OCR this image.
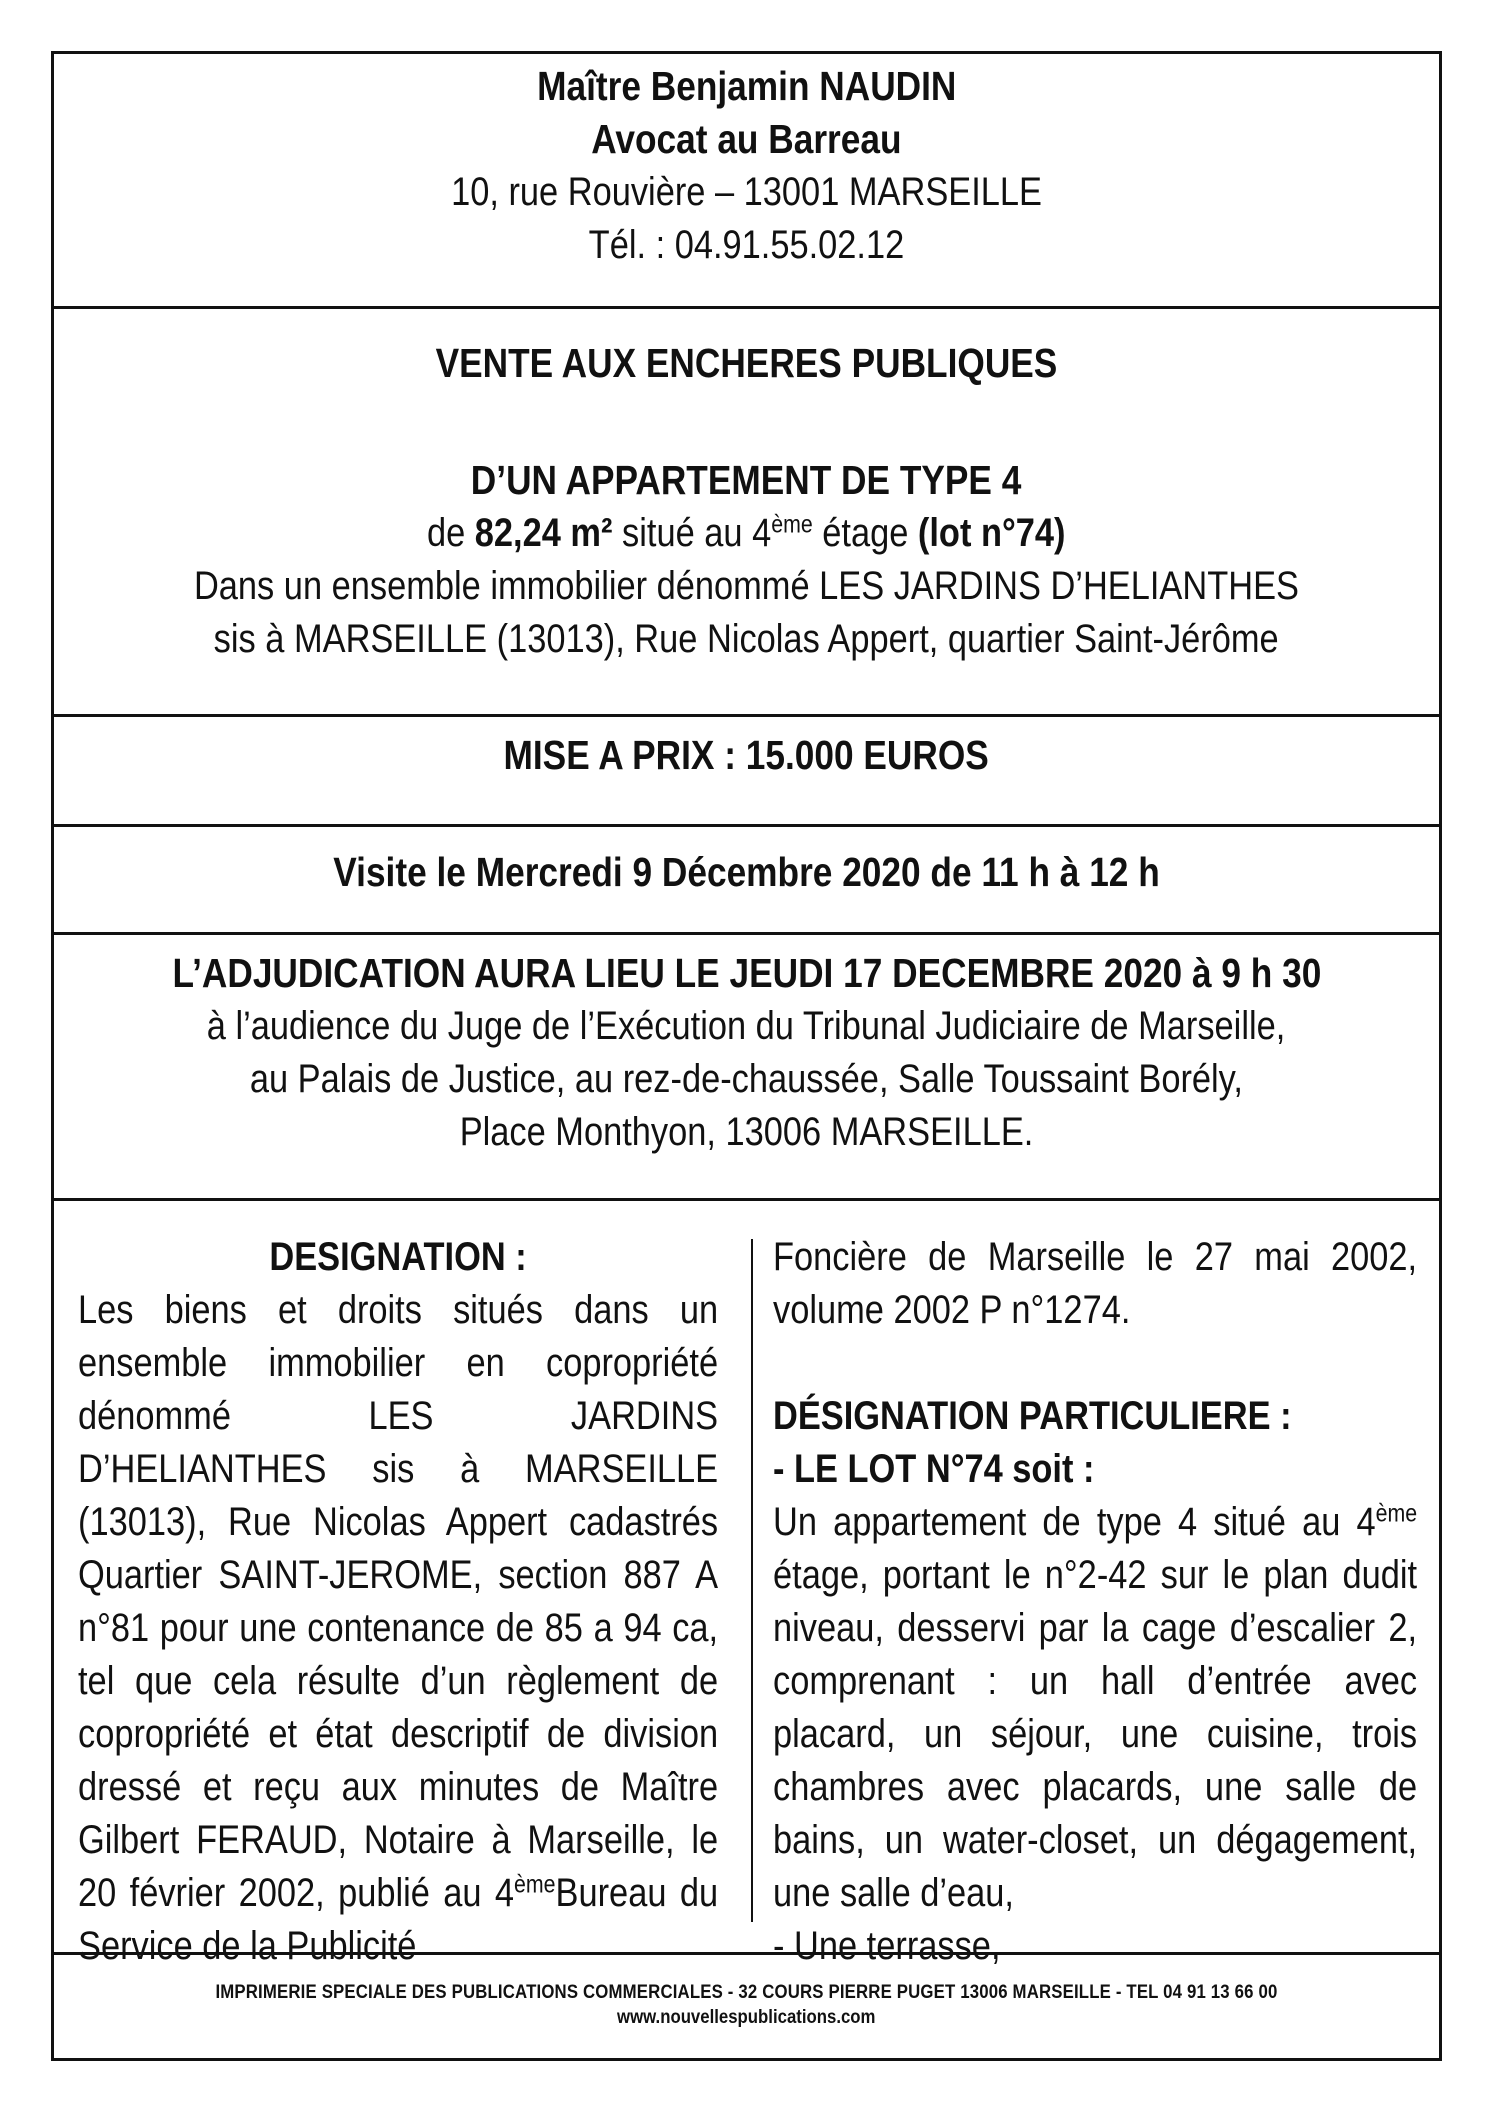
Maître Benjamin NAUDIN
Avocat au Barreau
10, rue Rouvière – 13001 MARSEILLE
Tél. : 04.91.55.02.12
VENTE AUX ENCHERES PUBLIQUES
D’UN APPARTEMENT DE TYPE 4
de 82,24 m² situé au 4ème étage (lot n°74)
Dans un ensemble immobilier dénommé LES JARDINS D’HELIANTHES
sis à MARSEILLE (13013), Rue Nicolas Appert, quartier Saint-Jérôme
MISE A PRIX : 15.000 EUROS
Visite le Mercredi 9 Décembre 2020 de 11 h à 12 h
L’ADJUDICATION AURA LIEU LE JEUDI 17 DECEMBRE 2020 à 9 h 30
à l’audience du Juge de l’Exécution du Tribunal Judiciaire de Marseille,
au Palais de Justice, au rez-de-chaussée, Salle Toussaint Borély,
Place Monthyon, 13006 MARSEILLE.
DESIGNATION :

Les biens et droits situés dans un ensemble immobilier en copropriété dénommé LES JARDINS D’HELIANTHES sis à MARSEILLE (13013), Rue Nicolas Appert cadastrés Quartier SAINT-JEROME, section 887 A n°81 pour une contenance de 85 a 94 ca, tel que cela résulte d’un règlement de copropriété et état descriptif de division dressé et reçu aux minutes de Maître Gilbert FERAUD, Notaire à Marseille, le 20 février 2002, publié au 4èmeBureau du Service de la Publicité

Foncière de Marseille le 27 mai 2002, volume 2002 P n°1274.

DÉSIGNATION PARTICULIERE :
- LE LOT N°74 soit :

Un appartement de type 4 situé au 4ème étage, portant le n°2-42 sur le plan dudit niveau, desservi par la cage d’escalier 2, comprenant : un hall d’entrée avec placard, un séjour, une cuisine, trois chambres avec placards, une salle de bains, un water-closet, un dégagement, une salle d’eau,

- Une terrasse,

IMPRIMERIE SPECIALE DES PUBLICATIONS COMMERCIALES - 32 COURS PIERRE PUGET 13006 MARSEILLE - TEL 04 91 13 66 00
www.nouvellespublications.com
